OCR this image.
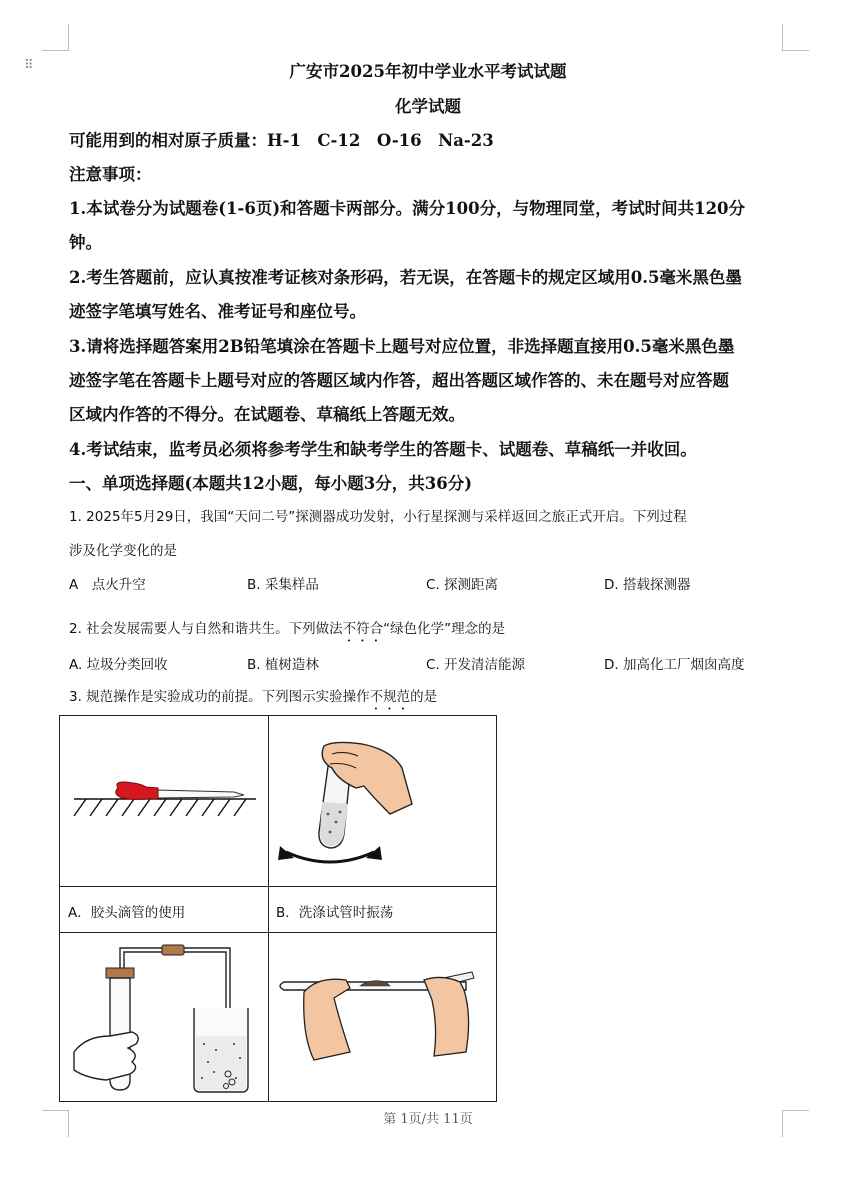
⠿	广安市2025年初中学业水平考试试题
化学试题
可能用到的相对原子质量：H-1　C-12　O-16　Na-23
注意事项：
1.本试卷分为试题卷(1-6页)和答题卡两部分。满分100分，与物理同堂，考试时间共120分
钟。
2.考生答题前，应认真按准考证核对条形码，若无误，在答题卡的规定区域用0.5毫米黑色墨
迹签字笔填写姓名、准考证号和座位号。
3.请将选择题答案用2B铅笔填涂在答题卡上题号对应位置，非选择题直接用0.5毫米黑色墨
迹签字笔在答题卡上题号对应的答题区域内作答，超出答题区域作答的、未在题号对应答题
区域内作答的不得分。在试题卷、草稿纸上答题无效。
4.考试结束，监考员必须将参考学生和缺考学生的答题卡、试题卷、草稿纸一并收回。
一、单项选择题(本题共12小题，每小题3分，共36分)
1. 2025年5月29日，我国“天问二号”探测器成功发射，小行星探测与采样返回之旅正式开启。下列过程
涉及化学变化的是
A　点火升空	B. 采集样品	C. 探测距离	D. 搭载探测器
2. 社会发展需要人与自然和谐共生。下列做法不符合“绿色化学”理念的是
A. 垃圾分类回收	B. 植树造林	C. 开发清洁能源	D. 加高化工厂烟囱高度
3. 规范操作是实验成功的前提。下列图示实验操作不规范的是
A．胶头滴管的使用	B．洗涤试管时振荡
第 1页/共 11页
